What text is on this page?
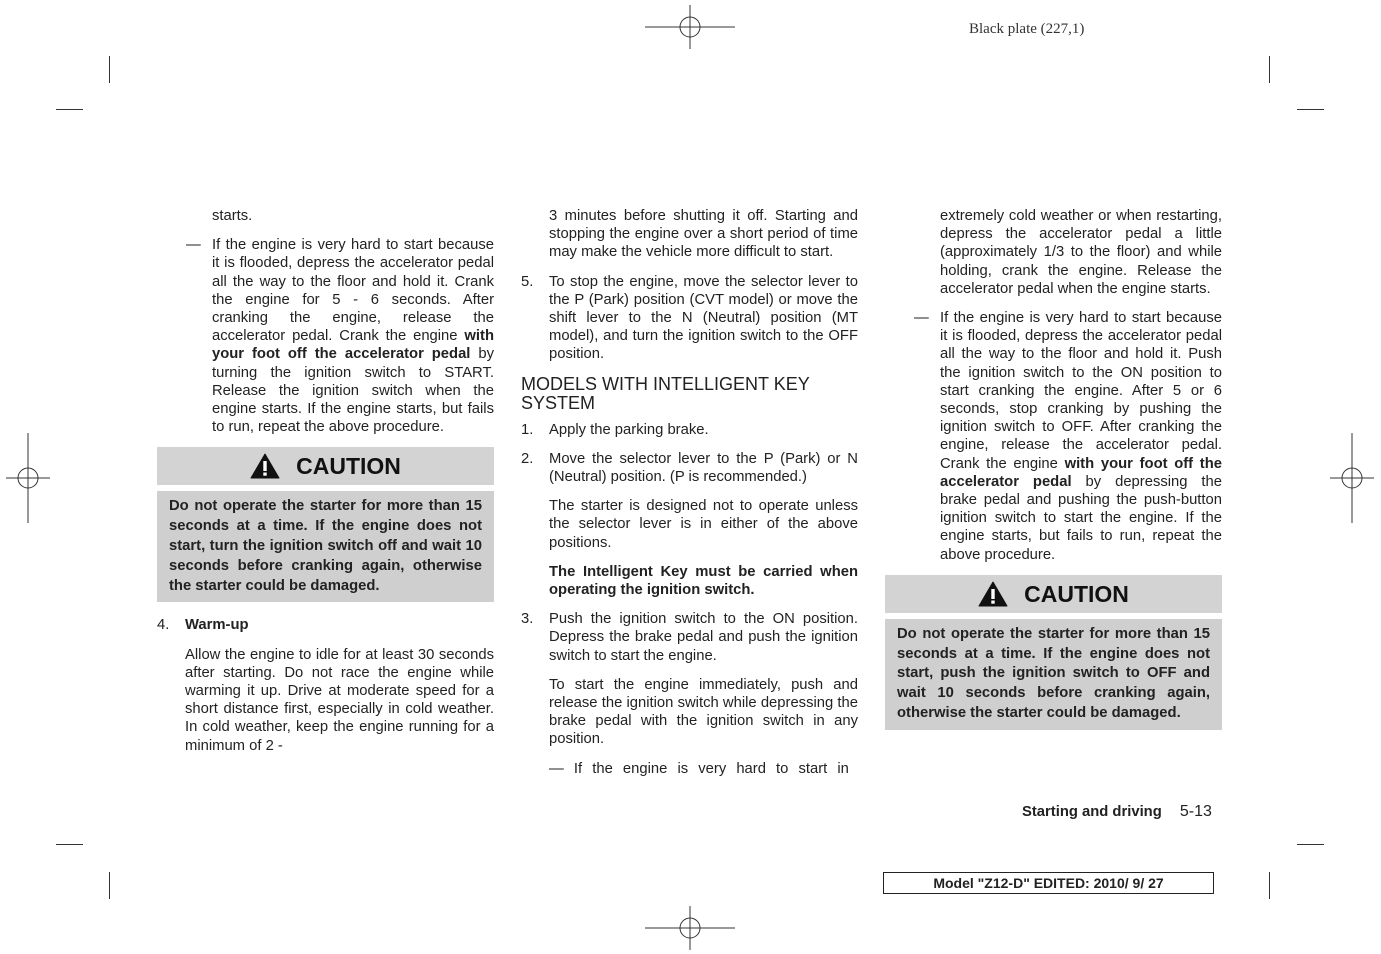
Black plate (227,1)

starts.

— If the engine is very hard to start because it is flooded, depress the accelerator pedal all the way to the floor and hold it. Crank the engine for 5 - 6 seconds. After cranking the engine, release the accelerator pedal. Crank the engine with your foot off the accelerator pedal by turning the ignition switch to START. Release the ignition switch when the engine starts. If the engine starts, but fails to run, repeat the above procedure.

CAUTION
Do not operate the starter for more than 15 seconds at a time. If the engine does not start, turn the ignition switch off and wait 10 seconds before cranking again, otherwise the starter could be damaged.

4. Warm-up

Allow the engine to idle for at least 30 seconds after starting. Do not race the engine while warming it up. Drive at moderate speed for a short distance first, especially in cold weather. In cold weather, keep the engine running for a minimum of 2 -

3 minutes before shutting it off. Starting and stopping the engine over a short period of time may make the vehicle more difficult to start.

5. To stop the engine, move the selector lever to the P (Park) position (CVT model) or move the shift lever to the N (Neutral) position (MT model), and turn the ignition switch to the OFF position.

MODELS WITH INTELLIGENT KEY SYSTEM

1. Apply the parking brake.

2. Move the selector lever to the P (Park) or N (Neutral) position. (P is recommended.)

The starter is designed not to operate unless the selector lever is in either of the above positions.

The Intelligent Key must be carried when operating the ignition switch.

3. Push the ignition switch to the ON position. Depress the brake pedal and push the ignition switch to start the engine.

To start the engine immediately, push and release the ignition switch while depressing the brake pedal with the ignition switch in any position.

— If the engine is very hard to start in

extremely cold weather or when restarting, depress the accelerator pedal a little (approximately 1/3 to the floor) and while holding, crank the engine. Release the accelerator pedal when the engine starts.

— If the engine is very hard to start because it is flooded, depress the accelerator pedal all the way to the floor and hold it. Push the ignition switch to the ON position to start cranking the engine. After 5 or 6 seconds, stop cranking by pushing the ignition switch to OFF. After cranking the engine, release the accelerator pedal. Crank the engine with your foot off the accelerator pedal by depressing the brake pedal and pushing the push-button ignition switch to start the engine. If the engine starts, but fails to run, repeat the above procedure.

CAUTION
Do not operate the starter for more than 15 seconds at a time. If the engine does not start, push the ignition switch to OFF and wait 10 seconds before cranking again, otherwise the starter could be damaged.
Starting and driving 5-13
Model "Z12-D" EDITED: 2010/ 9/ 27
